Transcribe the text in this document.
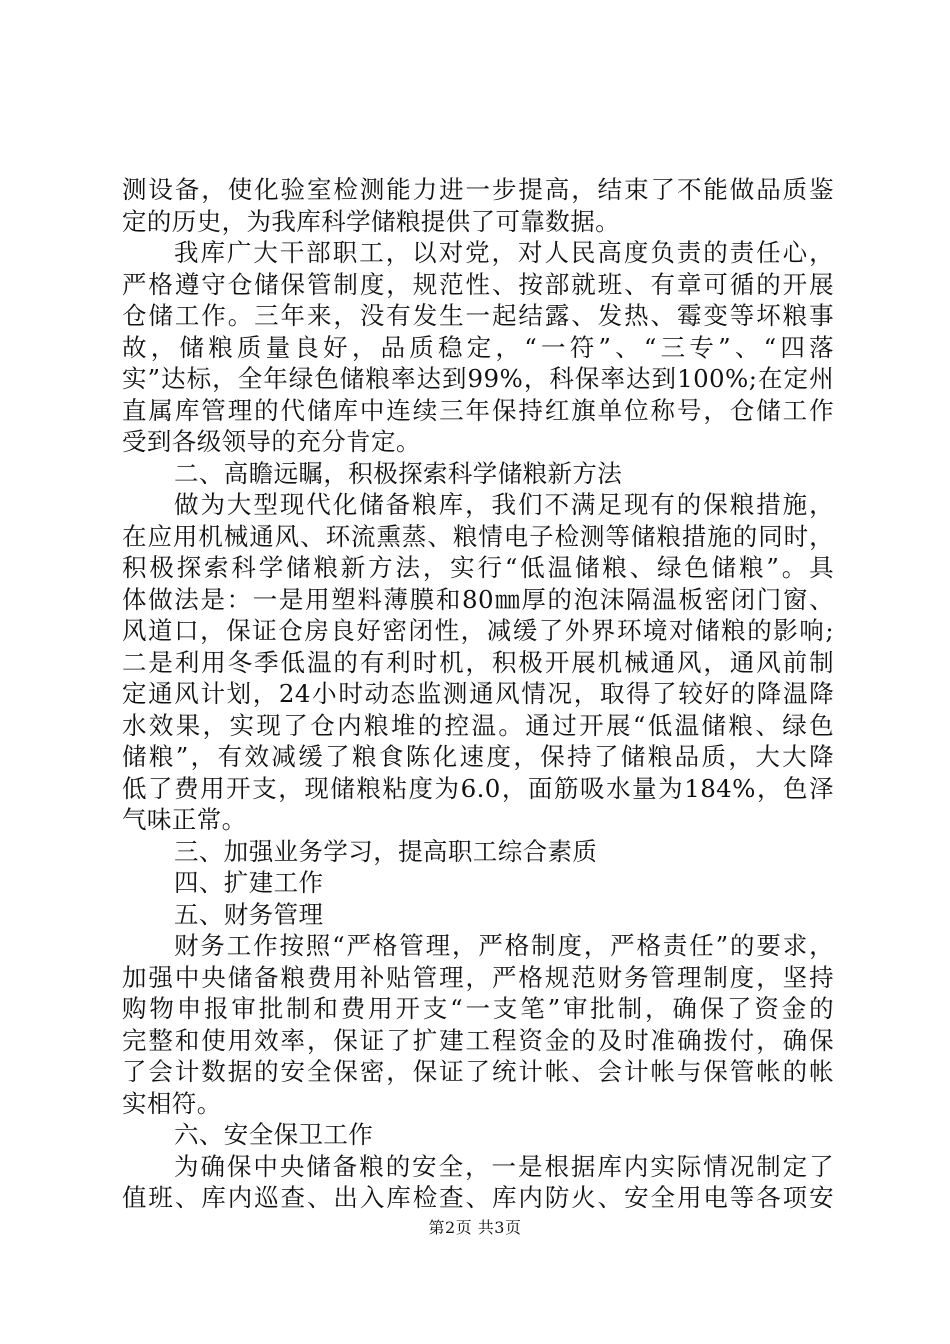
测设备，使化验室检测能力进一步提高，结束了不能做品质鉴
定的历史，为我库科学储粮提供了可靠数据。
我库广大干部职工，以对党，对人民高度负责的责任心，
严格遵守仓储保管制度，规范性、按部就班、有章可循的开展
仓储工作。三年来，没有发生一起结露、发热、霉变等坏粮事
故，储粮质量良好，品质稳定，“一符”、“三专”、“四落
实”达标，全年绿色储粮率达到99%，科保率达到100%;在定州
直属库管理的代储库中连续三年保持红旗单位称号，仓储工作
受到各级领导的充分肯定。
二、高瞻远瞩，积极探索科学储粮新方法
做为大型现代化储备粮库，我们不满足现有的保粮措施，
在应用机械通风、环流熏蒸、粮情电子检测等储粮措施的同时，
积极探索科学储粮新方法，实行“低温储粮、绿色储粮”。具
体做法是：一是用塑料薄膜和80㎜厚的泡沫隔温板密闭门窗、
风道口，保证仓房良好密闭性，减缓了外界环境对储粮的影响;
二是利用冬季低温的有利时机，积极开展机械通风，通风前制
定通风计划，24小时动态监测通风情况，取得了较好的降温降
水效果，实现了仓内粮堆的控温。通过开展“低温储粮、绿色
储粮”，有效减缓了粮食陈化速度，保持了储粮品质，大大降
低了费用开支，现储粮粘度为6.0，面筋吸水量为184%，色泽
气味正常。
三、加强业务学习，提高职工综合素质
四、扩建工作
五、财务管理
财务工作按照“严格管理，严格制度，严格责任”的要求，
加强中央储备粮费用补贴管理，严格规范财务管理制度，坚持
购物申报审批制和费用开支“一支笔”审批制，确保了资金的
完整和使用效率，保证了扩建工程资金的及时准确拨付，确保
了会计数据的安全保密，保证了统计帐、会计帐与保管帐的帐
实相符。
六、安全保卫工作
为确保中央储备粮的安全，一是根据库内实际情况制定了
值班、库内巡查、出入库检查、库内防火、安全用电等各项安
第2页 共3页
